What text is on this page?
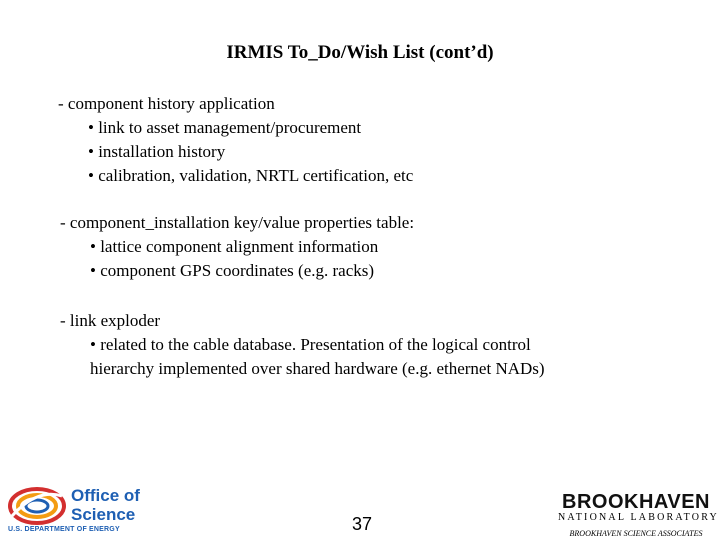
IRMIS To_Do/Wish List (cont’d)
- component history application
• link to asset management/procurement
• installation history
• calibration, validation, NRTL certification, etc
- component_installation key/value properties table:
• lattice component alignment information
• component GPS coordinates (e.g. racks)
- link exploder
• related to the cable database. Presentation of the logical control
hierarchy implemented over shared hardware (e.g. ethernet NADs)
Office of
Science
U.S. DEPARTMENT OF ENERGY	37
BROOKHAVEN
NATIONAL LABORATORY
BROOKHAVEN SCIENCE ASSOCIATES
